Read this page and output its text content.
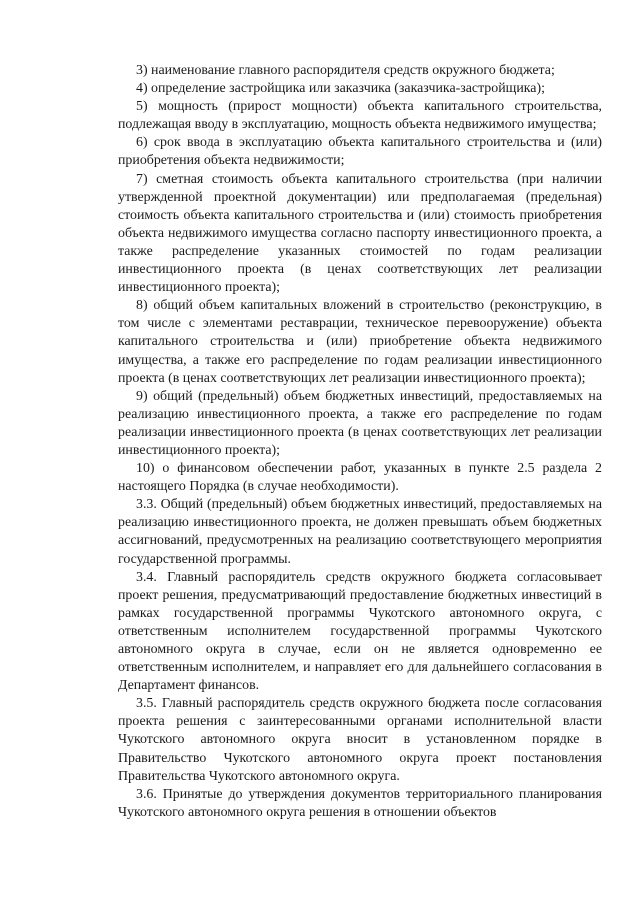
3) наименование главного распорядителя средств окружного бюджета;

4) определение застройщика или заказчика (заказчика-застройщика);

5) мощность (прирост мощности) объекта капитального строительства, подлежащая вводу в эксплуатацию, мощность объекта недвижимого имущества;

6) срок ввода в эксплуатацию объекта капитального строительства и (или) приобретения объекта недвижимости;

7) сметная стоимость объекта капитального строительства (при наличии утвержденной проектной документации) или предполагаемая (предельная) стоимость объекта капитального строительства и (или) стоимость приобретения объекта недвижимого имущества согласно паспорту инвестиционного проекта, а также распределение указанных стоимостей по годам реализации инвестиционного проекта (в ценах соответствующих лет реализации инвестиционного проекта);

8) общий объем капитальных вложений в строительство (реконструкцию, в том числе с элементами реставрации, техническое перевооружение) объекта капитального строительства и (или) приобретение объекта недвижимого имущества, а также его распределение по годам реализации инвестиционного проекта (в ценах соответствующих лет реализации инвестиционного проекта);

9) общий (предельный) объем бюджетных инвестиций, предоставляемых на реализацию инвестиционного проекта, а также его распределение по годам реализации инвестиционного проекта (в ценах соответствующих лет реализации инвестиционного проекта);

10) о финансовом обеспечении работ, указанных в пункте 2.5 раздела 2 настоящего Порядка (в случае необходимости).

3.3. Общий (предельный) объем бюджетных инвестиций, предоставляемых на реализацию инвестиционного проекта, не должен превышать объем бюджетных ассигнований, предусмотренных на реализацию соответствующего мероприятия государственной программы.

3.4. Главный распорядитель средств окружного бюджета согласовывает проект решения, предусматривающий предоставление бюджетных инвестиций в рамках государственной программы Чукотского автономного округа, с ответственным исполнителем государственной программы Чукотского автономного округа в случае, если он не является одновременно ее ответственным исполнителем, и направляет его для дальнейшего согласования в Департамент финансов.

3.5. Главный распорядитель средств окружного бюджета после согласования проекта решения с заинтересованными органами исполнительной власти Чукотского автономного округа вносит в установленном порядке в Правительство Чукотского автономного округа проект постановления Правительства Чукотского автономного округа.

3.6. Принятые до утверждения документов территориального планирования Чукотского автономного округа решения в отношении объектов
